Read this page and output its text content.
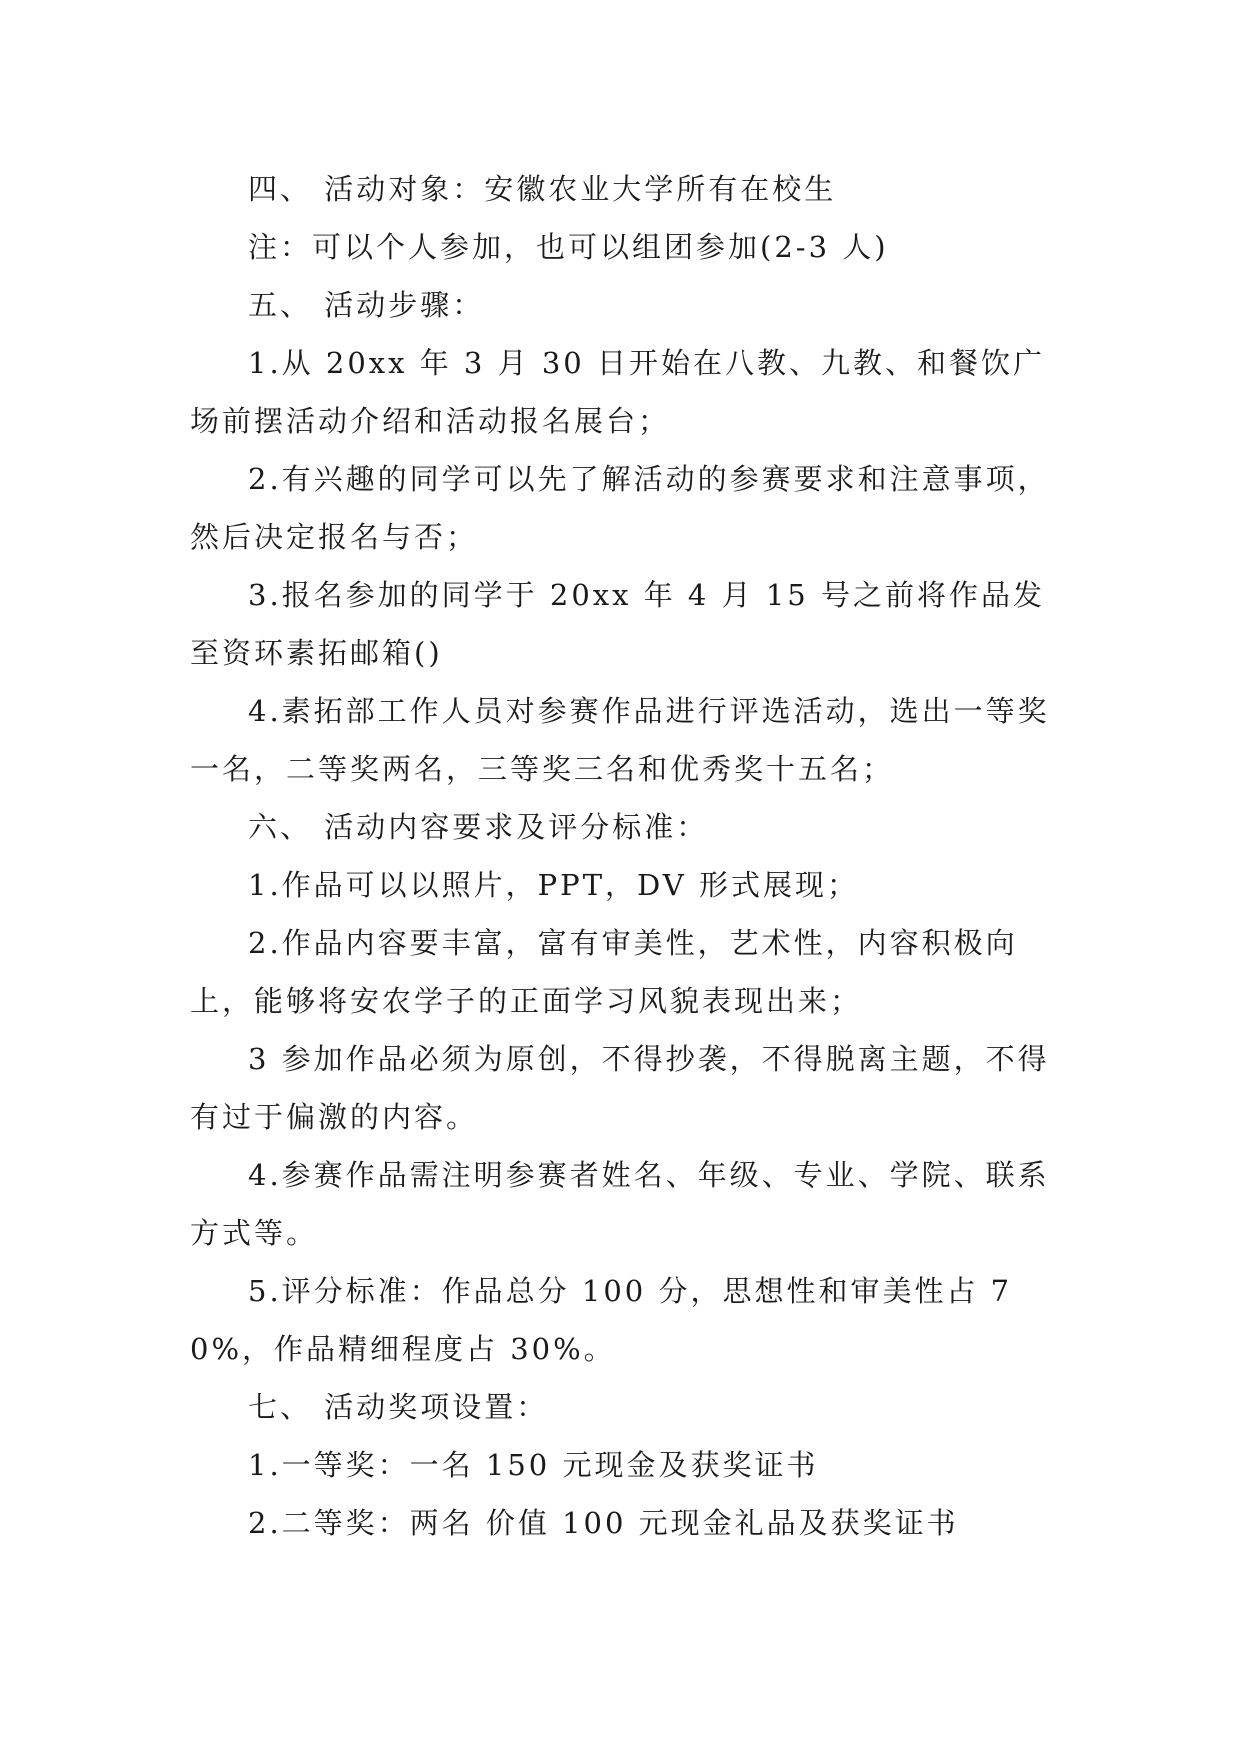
四、 活动对象：安徽农业大学所有在校生

注：可以个人参加，也可以组团参加(2-3 人)

五、 活动步骤：

1.从 20xx 年 3 月 30 日开始在八教、九教、和餐饮广场前摆活动介绍和活动报名展台；

2.有兴趣的同学可以先了解活动的参赛要求和注意事项，然后决定报名与否；

3.报名参加的同学于 20xx 年 4 月 15 号之前将作品发至资环素拓邮箱()

4.素拓部工作人员对参赛作品进行评选活动，选出一等奖一名，二等奖两名，三等奖三名和优秀奖十五名；

六、 活动内容要求及评分标准：

1.作品可以以照片，PPT，DV 形式展现；

2.作品内容要丰富，富有审美性，艺术性，内容积极向上，能够将安农学子的正面学习风貌表现出来；

3 参加作品必须为原创，不得抄袭，不得脱离主题，不得有过于偏激的内容。

4.参赛作品需注明参赛者姓名、年级、专业、学院、联系方式等。

5.评分标准：作品总分 100 分，思想性和审美性占 70%，作品精细程度占 30%。

七、 活动奖项设置：

1.一等奖：一名 150 元现金及获奖证书

2.二等奖：两名 价值 100 元现金礼品及获奖证书
